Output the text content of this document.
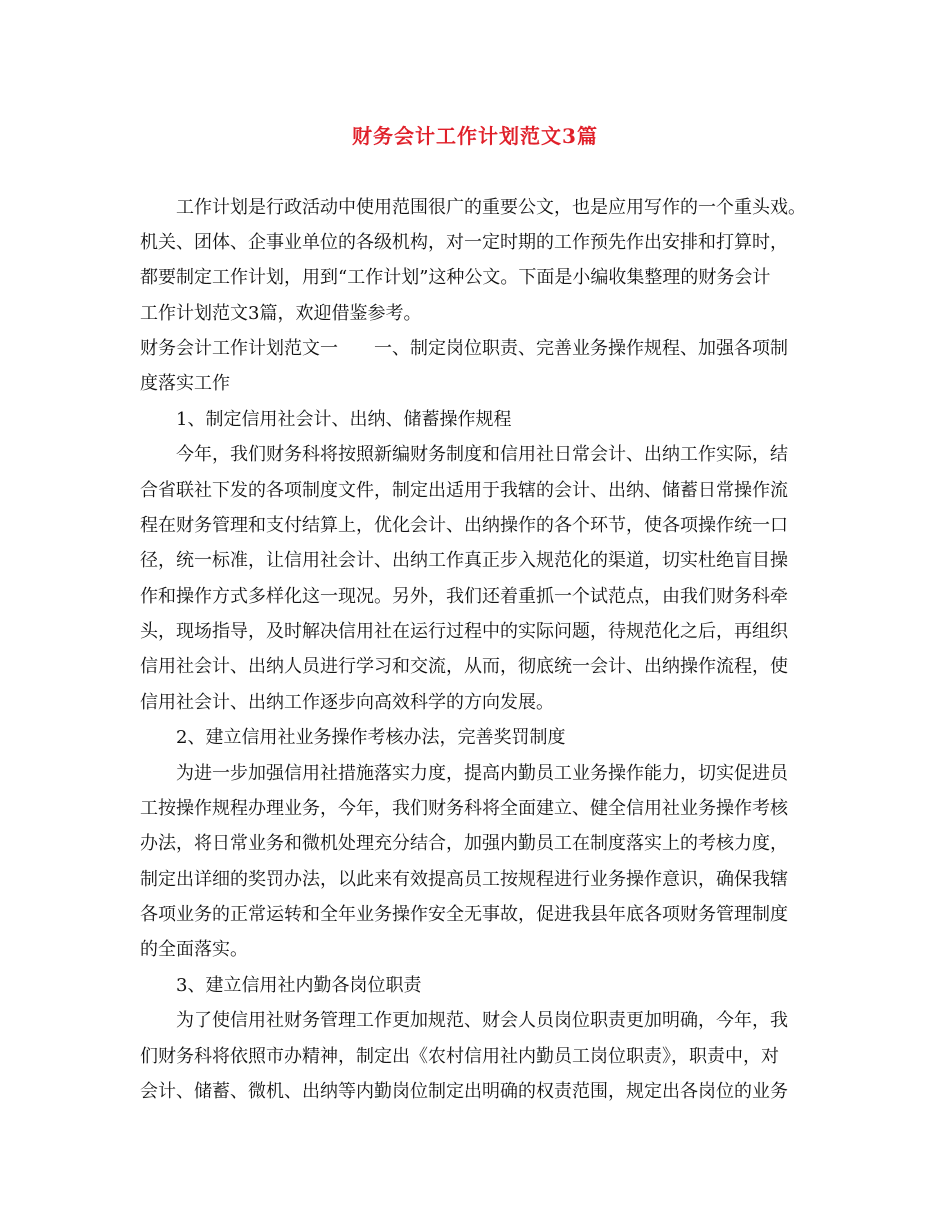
财务会计工作计划范文3篇
工作计划是行政活动中使用范围很广的重要公文，也是应用写作的一个重头戏。
机关、团体、企事业单位的各级机构，对一定时期的工作预先作出安排和打算时，
都要制定工作计划，用到“工作计划”这种公文。下面是小编收集整理的财务会计
工作计划范文3篇，欢迎借鉴参考。
财务会计工作计划范文一　　一、制定岗位职责、完善业务操作规程、加强各项制
度落实工作
1、制定信用社会计、出纳、储蓄操作规程
今年，我们财务科将按照新编财务制度和信用社日常会计、出纳工作实际，结
合省联社下发的各项制度文件，制定出适用于我辖的会计、出纳、储蓄日常操作流
程在财务管理和支付结算上，优化会计、出纳操作的各个环节，使各项操作统一口
径，统一标准，让信用社会计、出纳工作真正步入规范化的渠道，切实杜绝盲目操
作和操作方式多样化这一现况。另外，我们还着重抓一个试范点，由我们财务科牵
头，现场指导，及时解决信用社在运行过程中的实际问题，待规范化之后，再组织
信用社会计、出纳人员进行学习和交流，从而，彻底统一会计、出纳操作流程，使
信用社会计、出纳工作逐步向高效科学的方向发展。
2、建立信用社业务操作考核办法，完善奖罚制度
为进一步加强信用社措施落实力度，提高内勤员工业务操作能力，切实促进员
工按操作规程办理业务，今年，我们财务科将全面建立、健全信用社业务操作考核
办法，将日常业务和微机处理充分结合，加强内勤员工在制度落实上的考核力度，
制定出详细的奖罚办法，以此来有效提高员工按规程进行业务操作意识，确保我辖
各项业务的正常运转和全年业务操作安全无事故，促进我县年底各项财务管理制度
的全面落实。
3、建立信用社内勤各岗位职责
为了使信用社财务管理工作更加规范、财会人员岗位职责更加明确，今年，我
们财务科将依照市办精神，制定出《农村信用社内勤员工岗位职责》，职责中，对
会计、储蓄、微机、出纳等内勤岗位制定出明确的权责范围，规定出各岗位的业务
